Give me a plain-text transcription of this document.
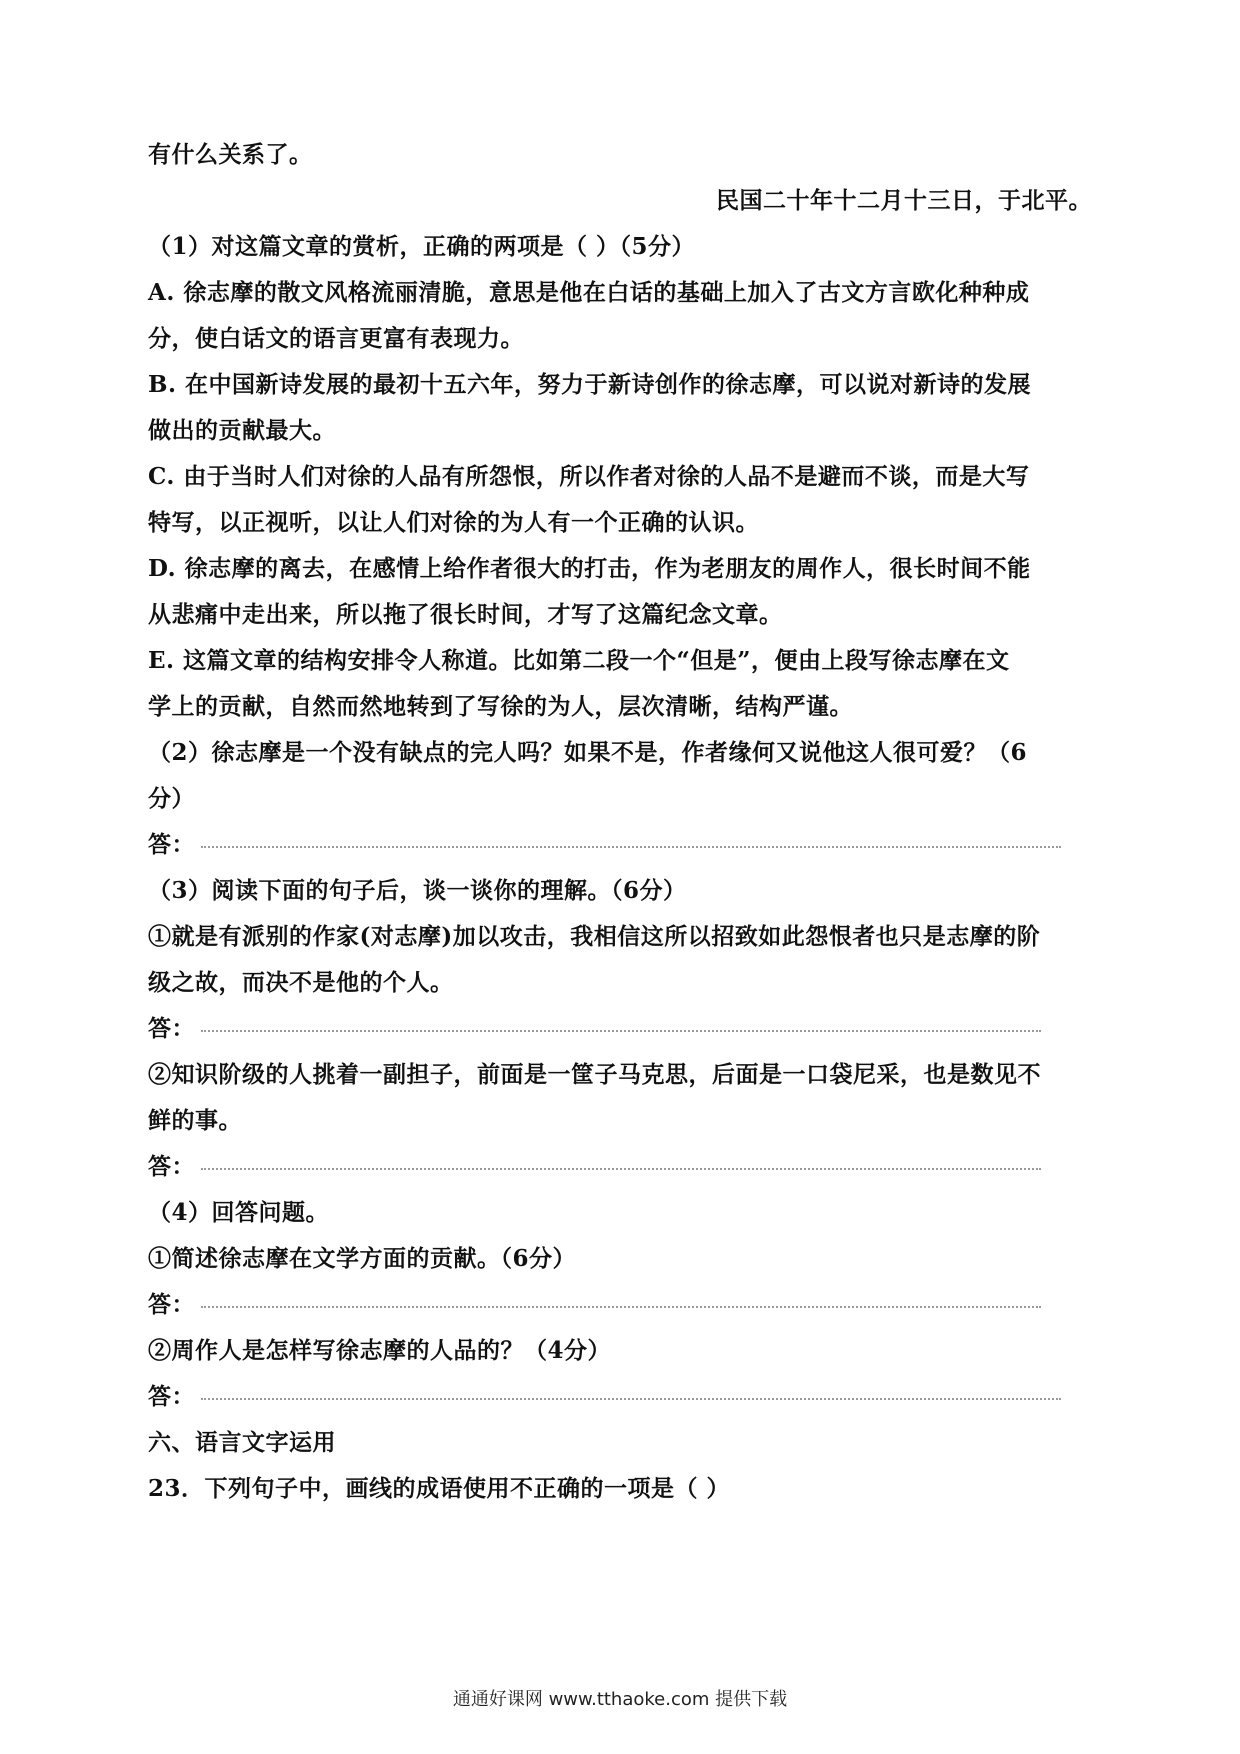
有什么关系了。
民国二十年十二月十三日，于北平。
（1）对这篇文章的赏析，正确的两项是（ ）（5分）
A. 徐志摩的散文风格流丽清脆，意思是他在白话的基础上加入了古文方言欧化种种成
分，使白话文的语言更富有表现力。
B. 在中国新诗发展的最初十五六年，努力于新诗创作的徐志摩，可以说对新诗的发展
做出的贡献最大。
C. 由于当时人们对徐的人品有所怨恨，所以作者对徐的人品不是避而不谈，而是大写
特写，以正视听，以让人们对徐的为人有一个正确的认识。
D. 徐志摩的离去，在感情上给作者很大的打击，作为老朋友的周作人，很长时间不能
从悲痛中走出来，所以拖了很长时间，才写了这篇纪念文章。
E. 这篇文章的结构安排令人称道。比如第二段一个“但是”，便由上段写徐志摩在文
学上的贡献，自然而然地转到了写徐的为人，层次清晰，结构严谨。
（2）徐志摩是一个没有缺点的完人吗？如果不是，作者缘何又说他这人很可爱？（6
分）
答：
（3）阅读下面的句子后，谈一谈你的理解。（6分）
①就是有派别的作家(对志摩)加以攻击，我相信这所以招致如此怨恨者也只是志摩的阶
级之故，而决不是他的个人。
答：
②知识阶级的人挑着一副担子，前面是一筐子马克思，后面是一口袋尼采，也是数见不
鲜的事。
答：
（4）回答问题。
①简述徐志摩在文学方面的贡献。（6分）
答：
②周作人是怎样写徐志摩的人品的？（4分）
答：
六、语言文字运用
23．下列句子中，画线的成语使用不正确的一项是（ ）
通通好课网 www.tthaoke.com 提供下载
